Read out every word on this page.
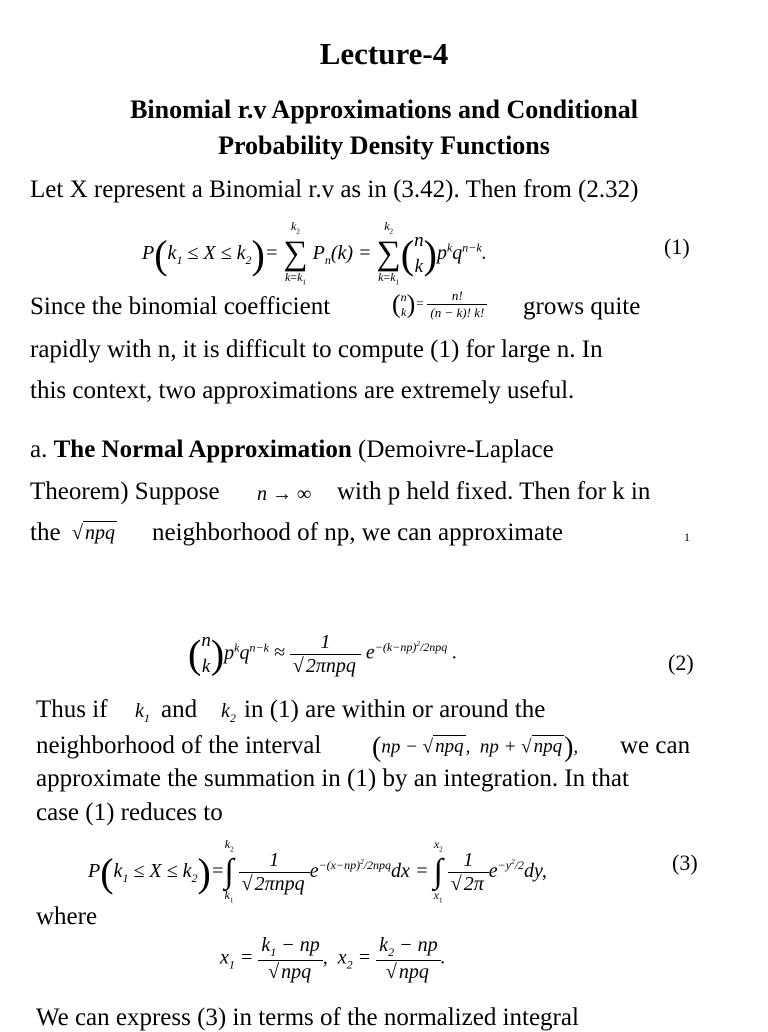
Lecture-4
Binomial r.v Approximations and Conditional
Probability Density Functions
Let X represent a Binomial r.v as in (3.42). Then from (2.32)
$P(k_1 \le X \le k_2)=$
$k_2$
∑
$k=k_1$
$P_n(k)$ =
$k_2$
∑
$k=k_1$
( n
k )$p^kq^{n-k}$.	(1)
Since the binomial coefficient ( n
k )= $\frac{n!}{(n - k)! k!}$ grows quite
rapidly with n, it is difficult to compute (1) for large n. In
this context, two approximations are extremely useful.
a. The Normal Approximation (Demoivre-Laplace
Theorem) Suppose n → ∞ with p held fixed. Then for k in
the √ npq neighborhood of np, we can approximate	1
( n
k )$p^kq^{n-k} \approx \frac{1}{\text{√ 2πnpq}} e^{-(k-np)^2/2npq}$ .	(2)
Thus if $k_1$ and $k_2$ in (1) are within or around the
neighborhood of the interval (np − √ npq ,  np + √ npq), we can
approximate the summation in (1) by an integration. In that
case (1) reduces to
$P(k_1 \le X \le k_2)=$
$k_2$
∫
$k_1$

$\frac{1}{\text{√ 2πnpq}} e^{-(x-np)^2/2npq}dx$ =
$x_2$
∫
$x_1$

$\frac{1}{√ 2\pi} e^{-y^2/2}dy$,	(3)
where
$x_1 = \frac{k_1 - np}{\text{√ npq}}$ ,  $x_2 = \frac{k_2 - np}{\text{√ npq}}$ .
We can express (3) in terms of the normalized integral
